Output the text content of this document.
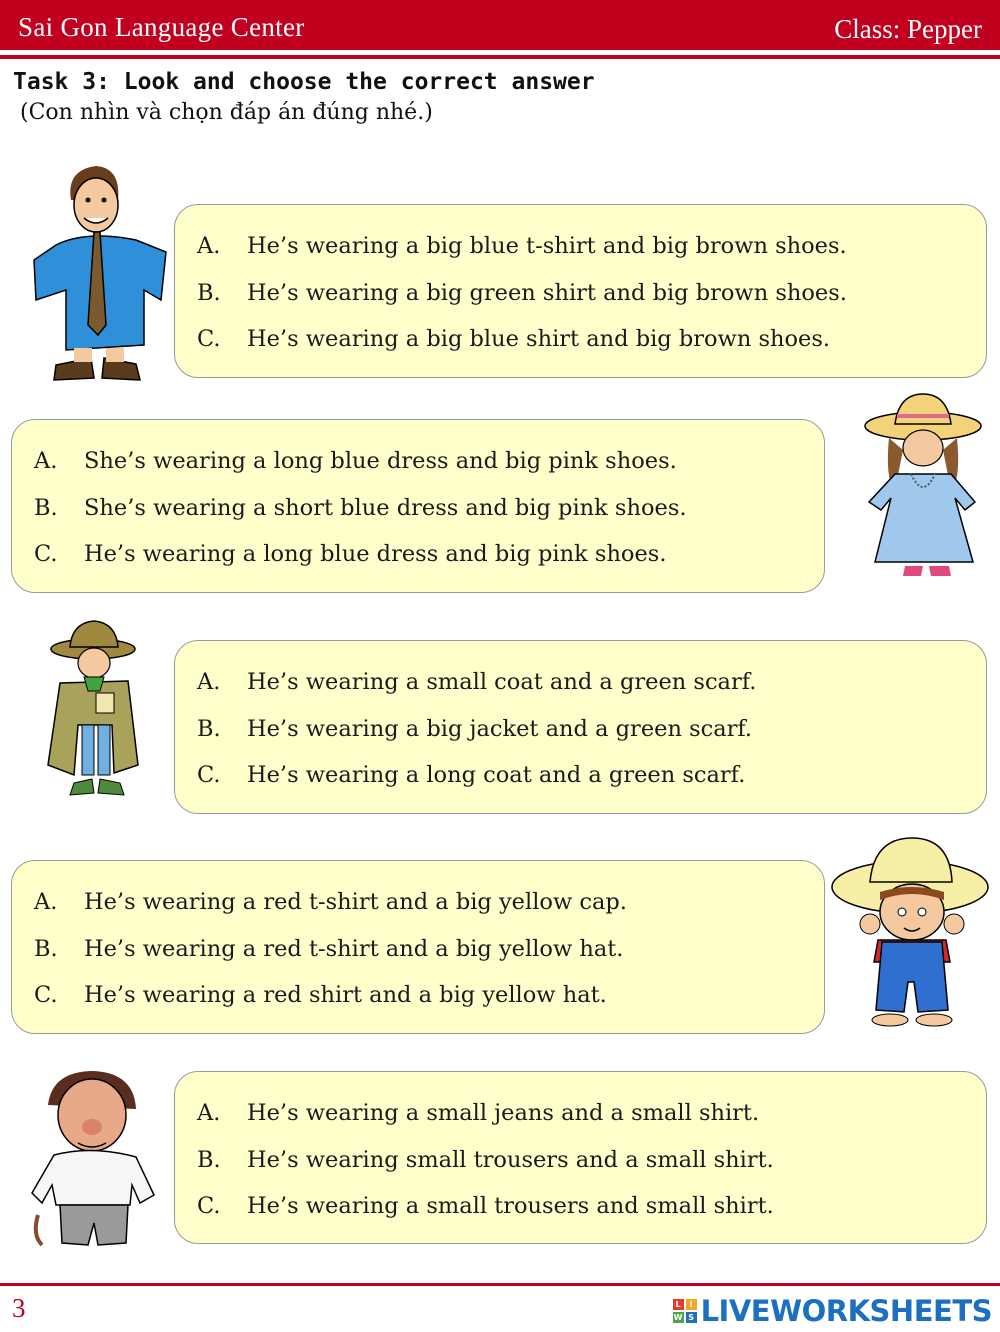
Sai Gon Language Center	Class: Pepper
Task 3: Look and choose the correct answer
(Con nhìn và chọn đáp án đúng nhé.)
A.	He’s wearing a big blue t-shirt and big brown shoes.
B.	He’s wearing a big green shirt and big brown shoes.
C.	He’s wearing a big blue shirt and big brown shoes.
A.	She’s wearing a long blue dress and big pink shoes.
B.	She’s wearing a short blue dress and big pink shoes.
C.	He’s wearing a long blue dress and big pink shoes.
A.	He’s wearing a small coat and a green scarf.
B.	He’s wearing a big jacket and a green scarf.
C.	He’s wearing a long coat and a green scarf.
A.	He’s wearing a red t-shirt and a big yellow cap.
B.	He’s wearing a red t-shirt and a big yellow hat.
C.	He’s wearing a red shirt and a big yellow hat.
A.	He’s wearing a small jeans and a small shirt.
B.	He’s wearing small trousers and a small shirt.
C.	He’s wearing a small trousers and small shirt.
3	L	I
W S LIVEWORKSHEETS
